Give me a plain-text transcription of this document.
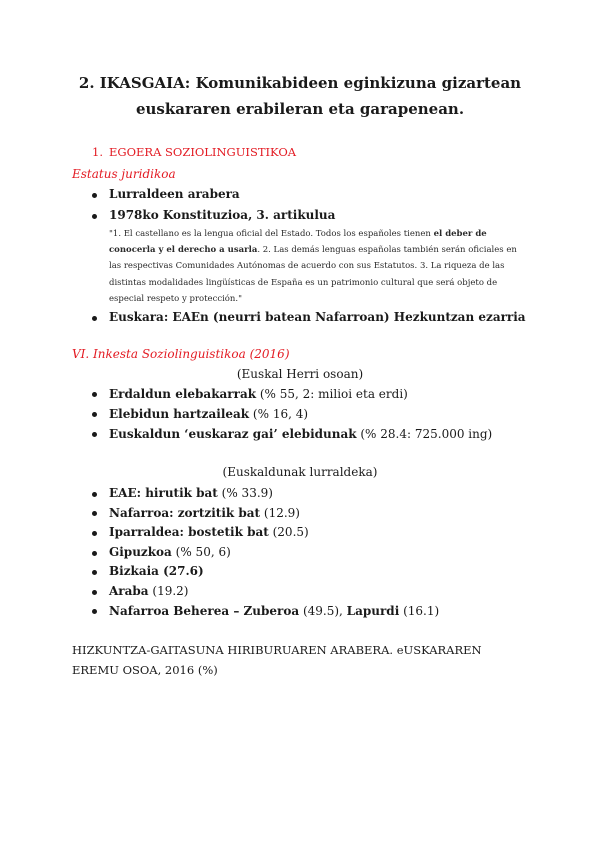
2. IKASGAIA: Komunikabideen eginkizuna gizartean
euskararen erabileran eta garapenean.
1. EGOERA SOZIOLINGUISTIKOA
Estatus juridikoa
Lurraldeen arabera
1978ko Konstituzioa, 3. artikulua
"1. El castellano es la lengua oficial del Estado. Todos los españoles tienen el deber de conocerla y el derecho a usarla. 2. Las demás lenguas españolas también serán oficiales en las respectivas Comunidades Autónomas de acuerdo con sus Estatutos. 3. La riqueza de las distintas modalidades lingüísticas de España es un patrimonio cultural que será objeto de especial respeto y protección."
Euskara: EAEn (neurri batean Nafarroan) Hezkuntzan ezarria
VI. Inkesta Soziolinguistikoa (2016)
(Euskal Herri osoan)
Erdaldun elebakarrak (% 55, 2: milioi eta erdi)
Elebidun hartzaileak (% 16, 4)
Euskaldun ‘euskaraz gai’ elebidunak (% 28.4: 725.000 ing)
(Euskaldunak lurraldeka)
EAE: hirutik bat (% 33.9)
Nafarroa: zortzitik bat (12.9)
Iparraldea: bostetik bat (20.5)
Gipuzkoa (% 50, 6)
Bizkaia (27.6)
Araba (19.2)
Nafarroa Beherea – Zuberoa (49.5), Lapurdi (16.1)
HIZKUNTZA-GAITASUNA HIRIBURUAREN ARABERA. eUSKARAREN EREMU OSOA, 2016 (%)
